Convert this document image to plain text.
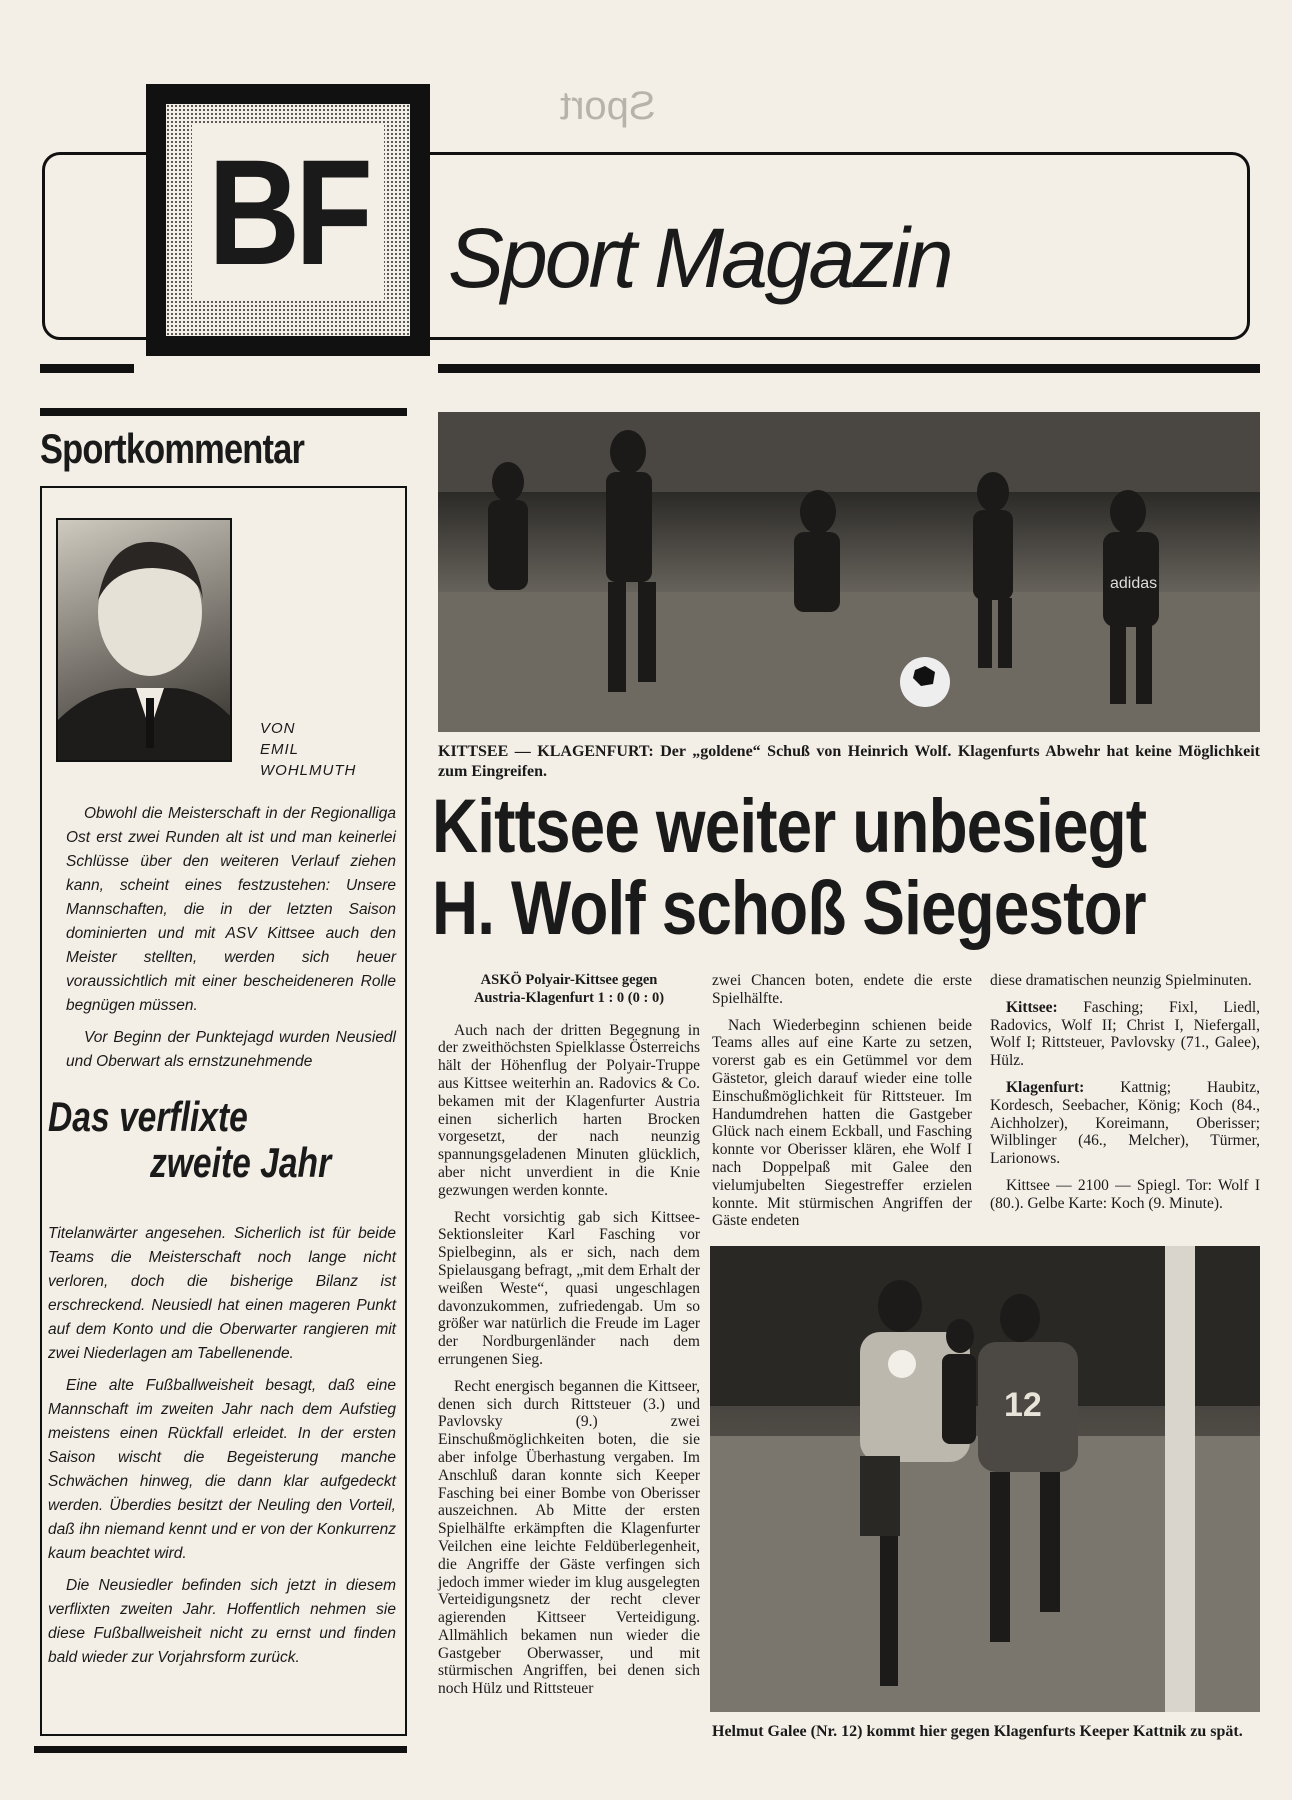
Sport
BF Sport Magazin
Sportkommentar
VON
EMIL
WOHLMUTH

Obwohl die Meisterschaft in der Regionalliga Ost erst zwei Runden alt ist und man keinerlei Schlüsse über den weiteren Verlauf ziehen kann, scheint eines festzustehen: Unsere Mannschaften, die in der letzten Saison dominierten und mit ASV Kittsee auch den Meister stellten, werden sich heuer voraussichtlich mit einer bescheideneren Rolle begnügen müssen.

Vor Beginn der Punktejagd wurden Neusiedl und Oberwart als ernstzunehmende

Das verflixte
zweite Jahr

Titelanwärter angesehen. Sicherlich ist für beide Teams die Meisterschaft noch lange nicht verloren, doch die bisherige Bilanz ist erschreckend. Neusiedl hat einen mageren Punkt auf dem Konto und die Oberwarter rangieren mit zwei Niederlagen am Tabellenende.

Eine alte Fußballweisheit besagt, daß eine Mannschaft im zweiten Jahr nach dem Aufstieg meistens einen Rückfall erleidet. In der ersten Saison wischt die Begeisterung manche Schwächen hinweg, die dann klar aufgedeckt werden. Überdies besitzt der Neuling den Vorteil, daß ihn niemand kennt und er von der Konkurrenz kaum beachtet wird.

Die Neusiedler befinden sich jetzt in diesem verflixten zweiten Jahr. Hoffentlich nehmen sie diese Fußballweisheit nicht zu ernst und finden bald wieder zur Vorjahrsform zurück.

adidas
KITTSEE — KLAGENFURT: Der „goldene“ Schuß von Heinrich Wolf. Klagenfurts Abwehr hat keine Möglichkeit zum Eingreifen.
Kittsee weiter unbesiegt
H. Wolf schoß Siegestor
ASKÖ Polyair-Kittsee gegen
Austria-Klagenfurt 1 : 0 (0 : 0)

Auch nach der dritten Begegnung in der zweithöchsten Spielklasse Österreichs hält der Höhenflug der Polyair-Truppe aus Kittsee weiterhin an. Radovics & Co. bekamen mit der Klagenfurter Austria einen sicherlich harten Brocken vorgesetzt, der nach neunzig spannungsgeladenen Minuten glücklich, aber nicht unverdient in die Knie gezwungen werden konnte.

Recht vorsichtig gab sich Kittsee-Sektionsleiter Karl Fasching vor Spielbeginn, als er sich, nach dem Spielausgang befragt, „mit dem Erhalt der weißen Weste“, quasi ungeschlagen davonzukommen, zufriedengab. Um so größer war natürlich die Freude im Lager der Nordburgenländer nach dem errungenen Sieg.

Recht energisch begannen die Kittseer, denen sich durch Rittsteuer (3.) und Pavlovsky (9.) zwei Einschußmöglichkeiten boten, die sie aber infolge Überhastung vergaben. Im Anschluß daran konnte sich Keeper Fasching bei einer Bombe von Oberisser auszeichnen. Ab Mitte der ersten Spielhälfte erkämpften die Klagenfurter Veilchen eine leichte Feldüberlegenheit, die Angriffe der Gäste verfingen sich jedoch immer wieder im klug ausgelegten Verteidigungsnetz der recht clever agierenden Kittseer Verteidigung. Allmählich bekamen nun wieder die Gastgeber Oberwasser, und mit stürmischen Angriffen, bei denen sich noch Hülz und Rittsteuer

zwei Chancen boten, endete die erste Spielhälfte.

Nach Wiederbeginn schienen beide Teams alles auf eine Karte zu setzen, vorerst gab es ein Getümmel vor dem Gästetor, gleich darauf wieder eine tolle Einschußmöglichkeit für Rittsteuer. Im Handumdrehen hatten die Gastgeber Glück nach einem Eckball, und Fasching konnte vor Oberisser klären, ehe Wolf I nach Doppelpaß mit Galee den vielumjubelten Siegestreffer erzielen konnte. Mit stürmischen Angriffen der Gäste endeten

diese dramatischen neunzig Spielminuten.

Kittsee: Fasching; Fixl, Liedl, Radovics, Wolf II; Christ I, Niefergall, Wolf I; Rittsteuer, Pavlovsky (71., Galee), Hülz.

Klagenfurt: Kattnig; Haubitz, Kordesch, Seebacher, König; Koch (84., Aichholzer), Koreimann, Oberisser; Wilblinger (46., Melcher), Türmer, Larionows.

Kittsee — 2100 — Spiegl. Tor: Wolf I (80.). Gelbe Karte: Koch (9. Minute).

12
Helmut Galee (Nr. 12) kommt hier gegen Klagenfurts Keeper Kattnik zu spät.
